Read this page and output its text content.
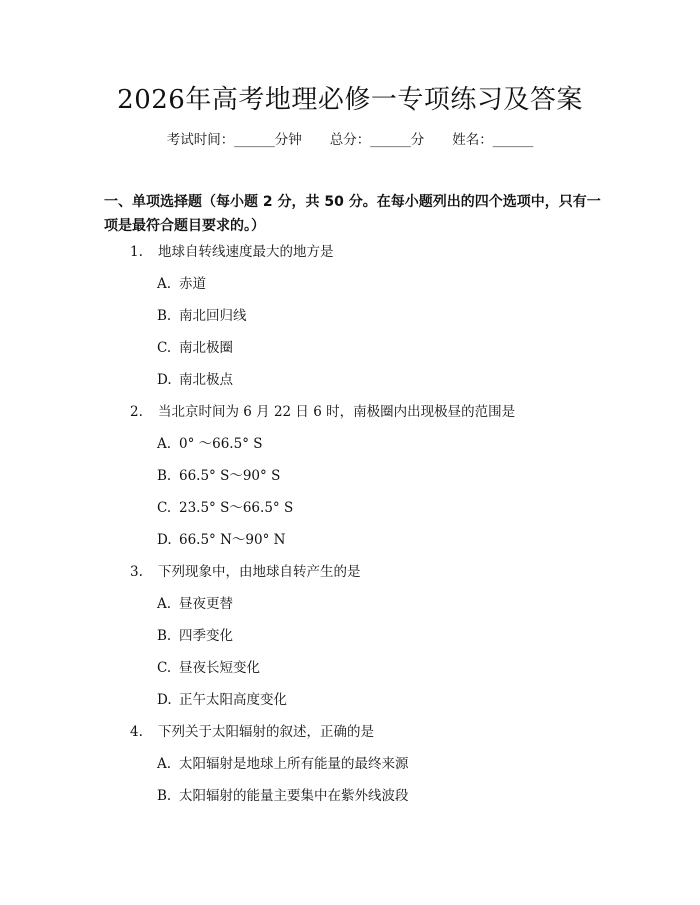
2026年高考地理必修一专项练习及答案
考试时间：______分钟 总分：______分 姓名：______
一、单项选择题（每小题 2 分，共 50 分。在每小题列出的四个选项中，只有一项是最符合题目要求的。）
1. 地球自转线速度最大的地方是
A. 赤道
B. 南北回归线
C. 南北极圈
D. 南北极点
2. 当北京时间为 6 月 22 日 6 时，南极圈内出现极昼的范围是
A. 0° ～66.5° S
B. 66.5° S～90° S
C. 23.5° S～66.5° S
D. 66.5° N～90° N
3. 下列现象中，由地球自转产生的是
A. 昼夜更替
B. 四季变化
C. 昼夜长短变化
D. 正午太阳高度变化
4. 下列关于太阳辐射的叙述，正确的是
A. 太阳辐射是地球上所有能量的最终来源
B. 太阳辐射的能量主要集中在紫外线波段
